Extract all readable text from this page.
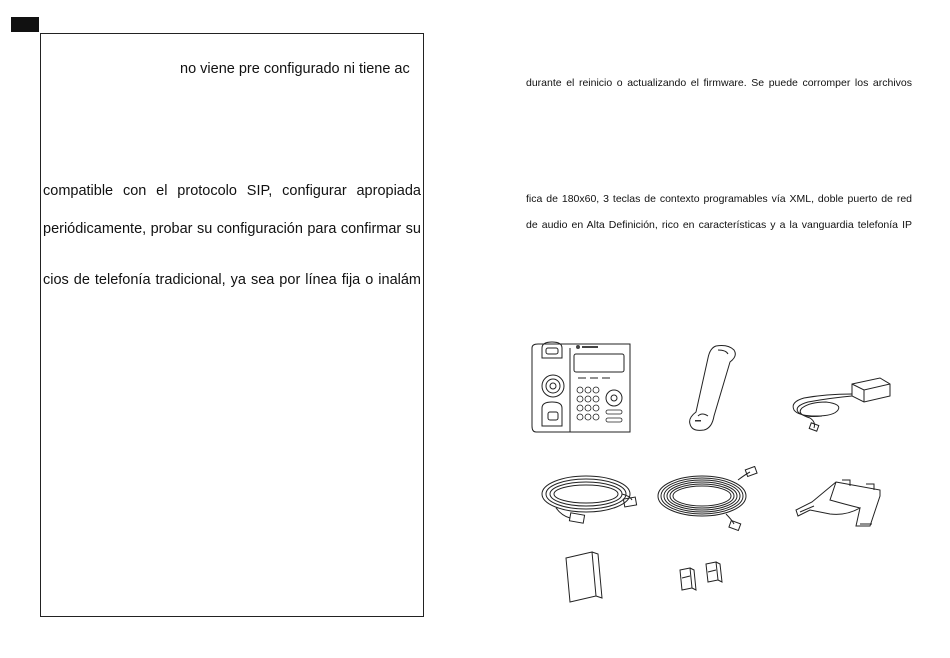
no viene pre configurado ni tiene ac
compatible con el protocolo SIP, configurar apropiada
periódicamente, probar su configuración para confirmar su
cios de telefonía tradicional, ya sea por línea fija o inalám
durante el reinicio o actualizando el firmware. Se puede corromper los archivos
fica de 180x60, 3 teclas de contexto programables vía XML, doble puerto de red
de audio en Alta Definición, rico en características y a la vanguardia telefonía IP
